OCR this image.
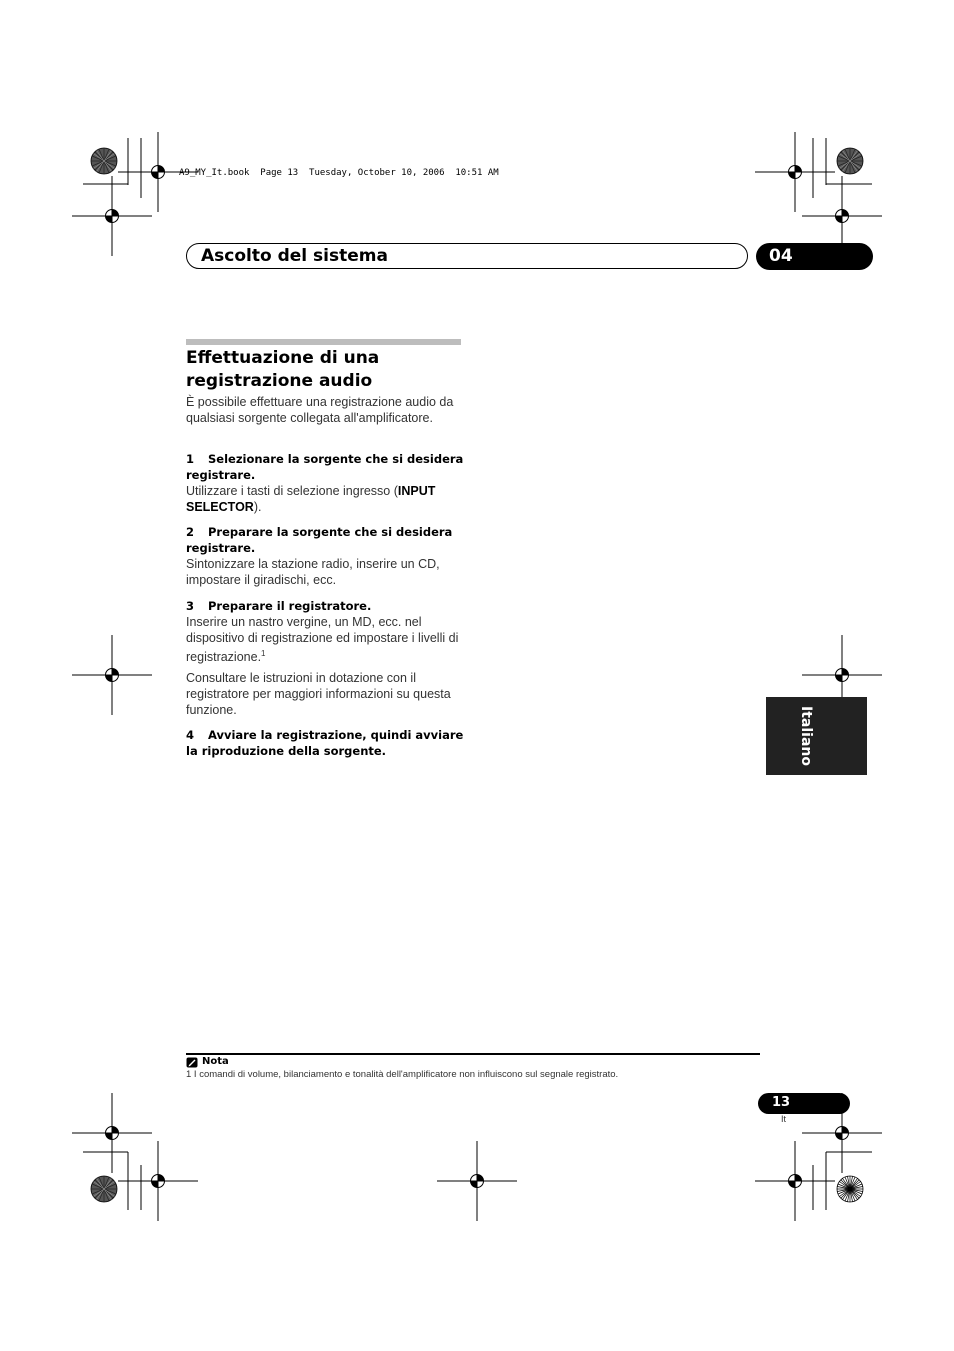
A9_MY_It.book  Page 13  Tuesday, October 10, 2006  10:51 AM
Ascolto del sistema	04
Effettuazione di una registrazione audio
È possibile effettuare una registrazione audio da qualsiasi sorgente collegata all'amplificatore.
1 Selezionare la sorgente che si desidera registrare.
Utilizzare i tasti di selezione ingresso (INPUT SELECTOR).
2 Preparare la sorgente che si desidera registrare.
Sintonizzare la stazione radio, inserire un CD, impostare il giradischi, ecc.
3 Preparare il registratore.
Inserire un nastro vergine, un MD, ecc. nel dispositivo di registrazione ed impostare i livelli di registrazione.$^1$
Consultare le istruzioni in dotazione con il registratore per maggiori informazioni su questa funzione.
4 Avviare la registrazione, quindi avviare la riproduzione della sorgente.	Italiano
Nota
1 I comandi di volume, bilanciamento e tonalità dell'amplificatore non influiscono sul segnale registrato.
13
It
